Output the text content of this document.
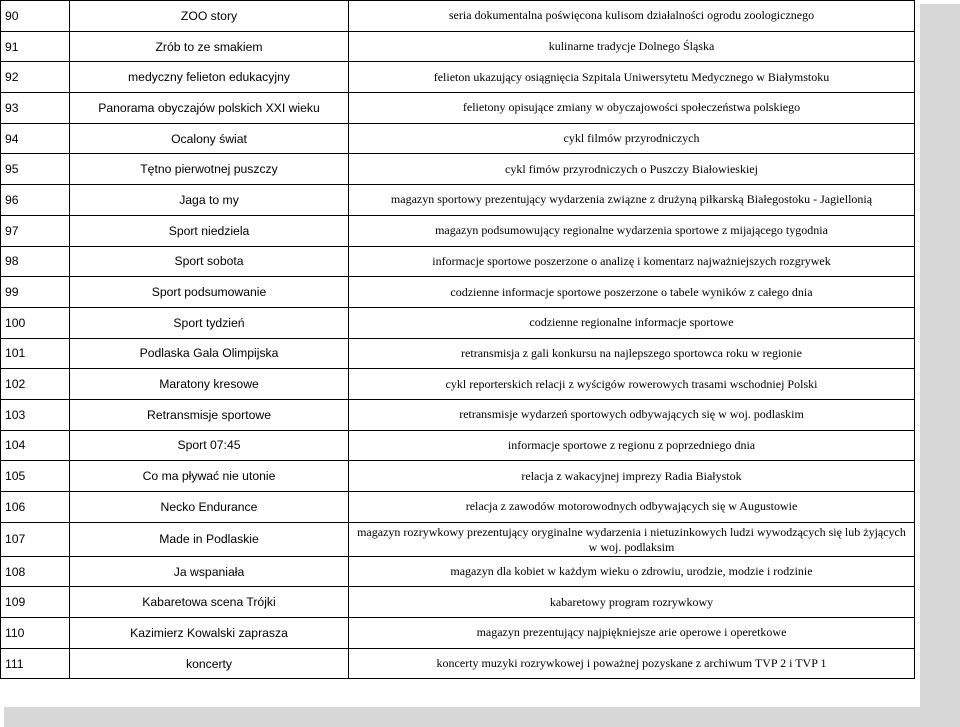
90	ZOO story	seria dokumentalna poświęcona kulisom działalności ogrodu zoologicznego
91	Zrób to ze smakiem	kulinarne tradycje Dolnego Śląska
92	medyczny felieton edukacyjny	felieton ukazujący osiągnięcia Szpitala Uniwersytetu Medycznego w Białymstoku
93	Panorama obyczajów polskich XXI wieku	felietony opisujące zmiany w obyczajowości społeczeństwa polskiego
94	Ocalony świat	cykl filmów przyrodniczych
95	Tętno pierwotnej puszczy	cykl fimów przyrodniczych o Puszczy Białowieskiej
96	Jaga to my	magazyn sportowy prezentujący wydarzenia związne z drużyną piłkarską Białegostoku - Jagiellonią
97	Sport niedziela	magazyn podsumowujący regionalne wydarzenia sportowe z mijającego tygodnia
98	Sport sobota	informacje sportowe poszerzone o analizę i komentarz najważniejszych rozgrywek
99	Sport podsumowanie	codzienne informacje sportowe poszerzone o tabele wyników z całego dnia
100	Sport tydzień	codzienne regionalne informacje sportowe
101	Podlaska Gala Olimpijska	retransmisja z gali konkursu na najlepszego sportowca roku w regionie
102	Maratony kresowe	cykl reporterskich relacji z wyścigów rowerowych trasami wschodniej Polski
103	Retransmisje sportowe	retransmisje wydarzeń sportowych odbywających się w woj. podlaskim
104	Sport 07:45	informacje sportowe z regionu z poprzedniego dnia
105	Co ma pływać nie utonie	relacja z wakacyjnej imprezy Radia Białystok
106	Necko Endurance	relacja z zawodów motorowodnych odbywających się w Augustowie
107	Made in Podlaskie	magazyn rozrywkowy prezentujący oryginalne wydarzenia i nietuzinkowych ludzi wywodzących się lub żyjących w woj. podlaksim
108	Ja wspaniała	magazyn dla kobiet w każdym wieku o zdrowiu, urodzie, modzie i rodzinie
109	Kabaretowa scena Trójki	kabaretowy program rozrywkowy
110	Kazimierz Kowalski zaprasza	magazyn prezentujący najpiękniejsze arie operowe i operetkowe
111	koncerty	koncerty muzyki rozrywkowej i poważnej pozyskane z archiwum TVP 2 i TVP 1
